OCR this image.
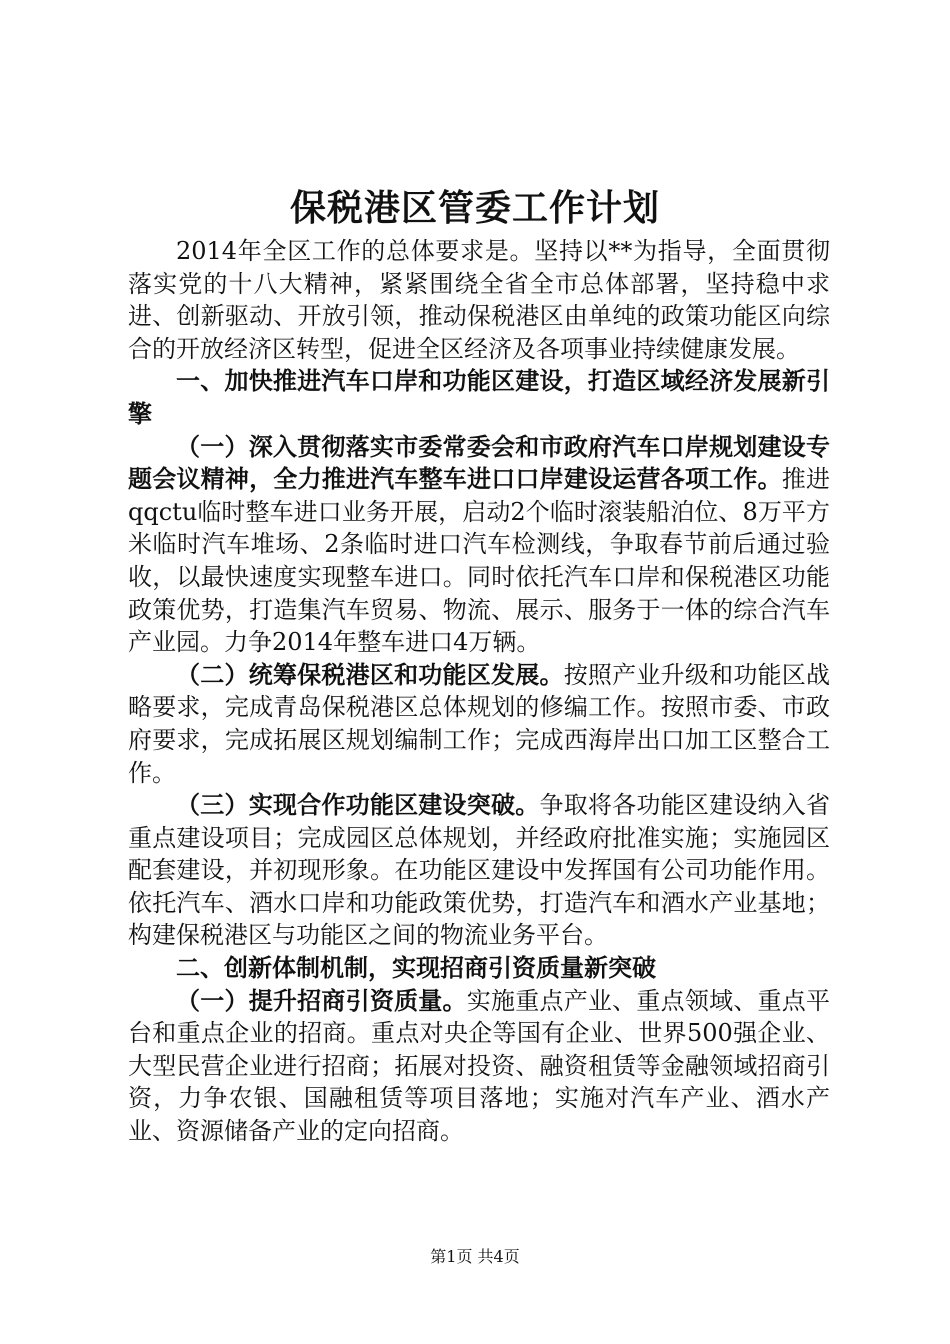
保税港区管委工作计划

2014年全区工作的总体要求是。坚持以**为指导，全面贯彻落实党的十八大精神，紧紧围绕全省全市总体部署，坚持稳中求进、创新驱动、开放引领，推动保税港区由单纯的政策功能区向综合的开放经济区转型，促进全区经济及各项事业持续健康发展。

一、加快推进汽车口岸和功能区建设，打造区域经济发展新引擎

（一）深入贯彻落实市委常委会和市政府汽车口岸规划建设专题会议精神，全力推进汽车整车进口口岸建设运营各项工作。推进qqctu临时整车进口业务开展，启动2个临时滚装船泊位、8万平方米临时汽车堆场、2条临时进口汽车检测线，争取春节前后通过验收，以最快速度实现整车进口。同时依托汽车口岸和保税港区功能政策优势，打造集汽车贸易、物流、展示、服务于一体的综合汽车产业园。力争2014年整车进口4万辆。

（二）统筹保税港区和功能区发展。按照产业升级和功能区战略要求，完成青岛保税港区总体规划的修编工作。按照市委、市政府要求，完成拓展区规划编制工作；完成西海岸出口加工区整合工作。

（三）实现合作功能区建设突破。争取将各功能区建设纳入省重点建设项目；完成园区总体规划，并经政府批准实施；实施园区配套建设，并初现形象。在功能区建设中发挥国有公司功能作用。依托汽车、酒水口岸和功能政策优势，打造汽车和酒水产业基地；构建保税港区与功能区之间的物流业务平台。

二、创新体制机制，实现招商引资质量新突破

（一）提升招商引资质量。实施重点产业、重点领域、重点平台和重点企业的招商。重点对央企等国有企业、世界500强企业、大型民营企业进行招商；拓展对投资、融资租赁等金融领域招商引资，力争农银、国融租赁等项目落地；实施对汽车产业、酒水产业、资源储备产业的定向招商。

第1页 共4页
